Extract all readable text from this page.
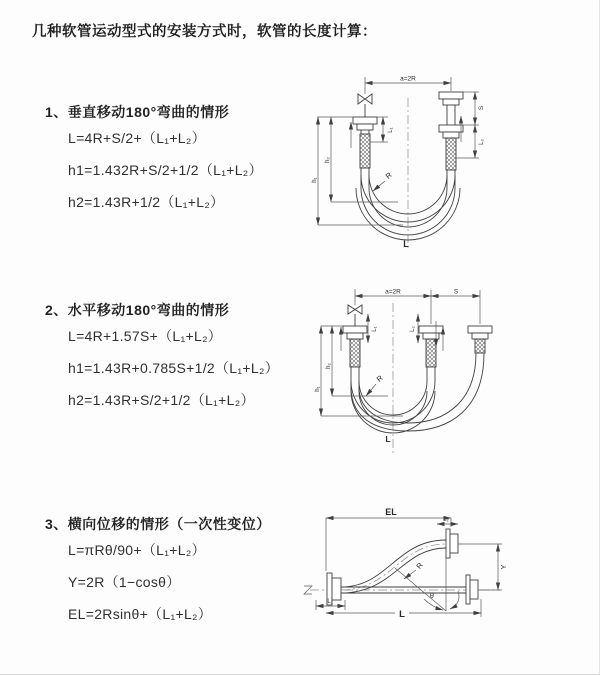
几种软管运动型式的安装方式时，软管的长度计算：
1、垂直移动180°弯曲的情形

L=4R+S/2+（L₁+L₂）

h1=1.432R+S/2+1/2（L₁+L₂）

h2=1.43R+1/2（L₁+L₂）

a=2R
L₁
S
L₂
h₂
h₁	R
L
2、水平移动180°弯曲的情形

L=4R+1.57S+（L₁+L₂）

h1=1.43R+0.785S+1/2（L₁+L₂）

h2=1.43R+S/2+1/2（L₁+L₂）

a=2R	S
L₁	L₂
h₂
h₁
R
L
3、横向位移的情形（一次性变位）

L=πRθ/90+（L₁+L₂）

Y=2R（1−cosθ）

EL=2Rsinθ+（L₁+L₂）

EL
L₂
Y
R
θ
L
L₁
